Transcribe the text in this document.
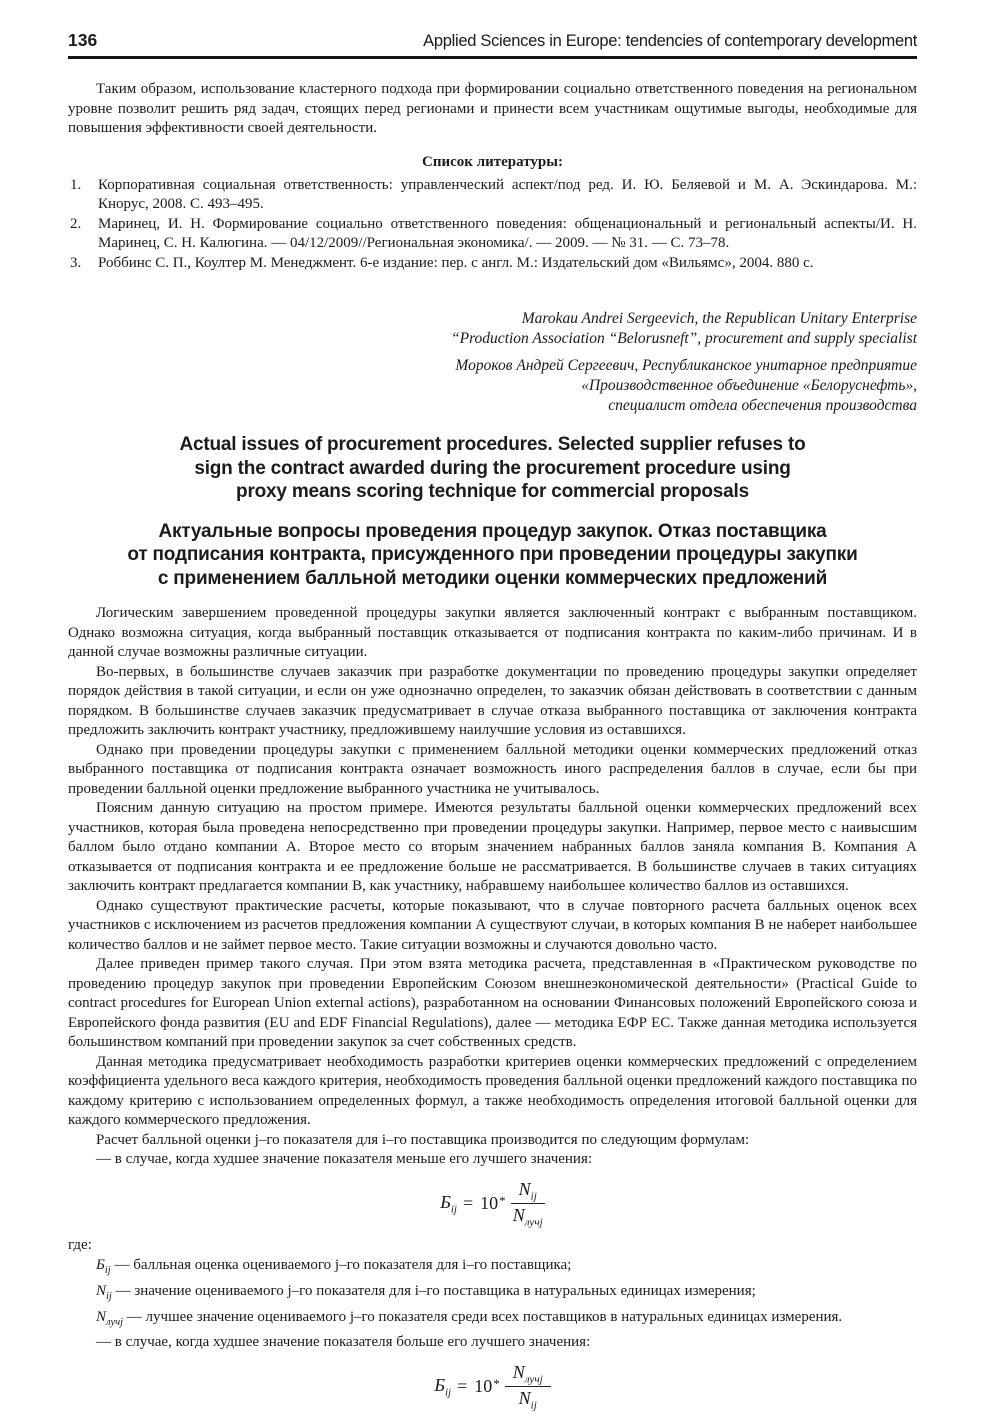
136	Applied Sciences in Europe: tendencies of contemporary development

Таким образом, использование кластерного подхода при формировании социально ответственного поведения на региональном уровне позволит решить ряд задач, стоящих перед регионами и принести всем участникам ощутимые выгоды, необходимые для повышения эффективности своей деятельности.

Список литературы:
1.	Корпоративная социальная ответственность: управленческий аспект/под ред. И. Ю. Беляевой и М. А. Эскиндарова. М.: Кнорус, 2008. С. 493–495.
2.	Маринец, И. Н. Формирование социально ответственного поведения: общенациональный и региональный аспекты/И. Н. Маринец, С. Н. Калюгина. — 04/12/2009//Региональная экономика/. — 2009. — № 31. — С. 73–78.
3.	Роббинс С. П., Коултер М. Менеджмент. 6-е издание: пер. с англ. М.: Издательский дом «Вильямс», 2004. 880 с.
Marokau Andrei Sergeevich, the Republican Unitary Enterprise
“Production Association “Belorusneft”, procurement and supply specialist
Мороков Андрей Сергеевич, Республиканское унитарное предприятие
«Производственное объединение «Белоруснефть»,
специалист отдела обеспечения производства
Actual issues of procurement procedures. Selected supplier refuses to
sign the contract awarded during the procurement procedure using
proxy means scoring technique for commercial proposals
Актуальные вопросы проведения процедур закупок. Отказ поставщика
от подписания контракта, присужденного при проведении процедуры закупки
с применением балльной методики оценки коммерческих предложений

Логическим завершением проведенной процедуры закупки является заключенный контракт с выбранным поставщиком. Однако возможна ситуация, когда выбранный поставщик отказывается от подписания контракта по каким-либо причинам. И в данной случае возможны различные ситуации.

Во-первых, в большинстве случаев заказчик при разработке документации по проведению процедуры закупки определяет порядок действия в такой ситуации, и если он уже однозначно определен, то заказчик обязан действовать в соответствии с данным порядком. В большинстве случаев заказчик предусматривает в случае отказа выбранного поставщика от заключения контракта предложить заключить контракт участнику, предложившему наилучшие условия из оставшихся.

Однако при проведении процедуры закупки с применением балльной методики оценки коммерческих предложений отказ выбранного поставщика от подписания контракта означает возможность иного распределения баллов в случае, если бы при проведении балльной оценки предложение выбранного участника не учитывалось.

Поясним данную ситуацию на простом примере. Имеются результаты балльной оценки коммерческих предложений всех участников, которая была проведена непосредственно при проведении процедуры закупки. Например, первое место с наивысшим баллом было отдано компании А. Второе место со вторым значением набранных баллов заняла компания В. Компания А отказывается от подписания контракта и ее предложение больше не рассматривается. В большинстве случаев в таких ситуациях заключить контракт предлагается компании В, как участнику, набравшему наибольшее количество баллов из оставшихся.

Однако существуют практические расчеты, которые показывают, что в случае повторного расчета балльных оценок всех участников с исключением из расчетов предложения компании А существуют случаи, в которых компания В не наберет наибольшее количество баллов и не займет первое место. Такие ситуации возможны и случаются довольно часто.

Далее приведен пример такого случая. При этом взята методика расчета, представленная в «Практическом руководстве по проведению процедур закупок при проведении Европейским Союзом внешнеэкономической деятельности» (Practical Guide to contract procedures for European Union external actions), разработанном на основании Финансовых положений Европейского союза и Европейского фонда развития (EU and EDF Financial Regulations), далее — методика ЕФР ЕС. Также данная методика используется большинством компаний при проведении закупок за счет собственных средств.

Данная методика предусматривает необходимость разработки критериев оценки коммерческих предложений с определением коэффициента удельного веса каждого критерия, необходимость проведения балльной оценки предложений каждого поставщика по каждому критерию с использованием определенных формул, а также необходимость определения итоговой балльной оценки для каждого коммерческого предложения.

Расчет балльной оценки j–го показателя для i–го поставщика производится по следующим формулам:

— в случае, когда худшее значение показателя меньше его лучшего значения:

$Б_{ij} = 10^* \frac{N_{ij}}{N_{лучj}}$
где:
$Б_{ij}$ — балльная оценка оцениваемого j–го показателя для i–го поставщика;
$N_{ij}$ — значение оцениваемого j–го показателя для i–го поставщика в натуральных единицах измерения;
$N_{лучj}$ — лучшее значение оцениваемого j–го показателя среди всех поставщиков в натуральных единицах измерения.
— в случае, когда худшее значение показателя больше его лучшего значения:
$Б_{ij} = 10^* \frac{N_{лучj}}{N_{ij}}$
